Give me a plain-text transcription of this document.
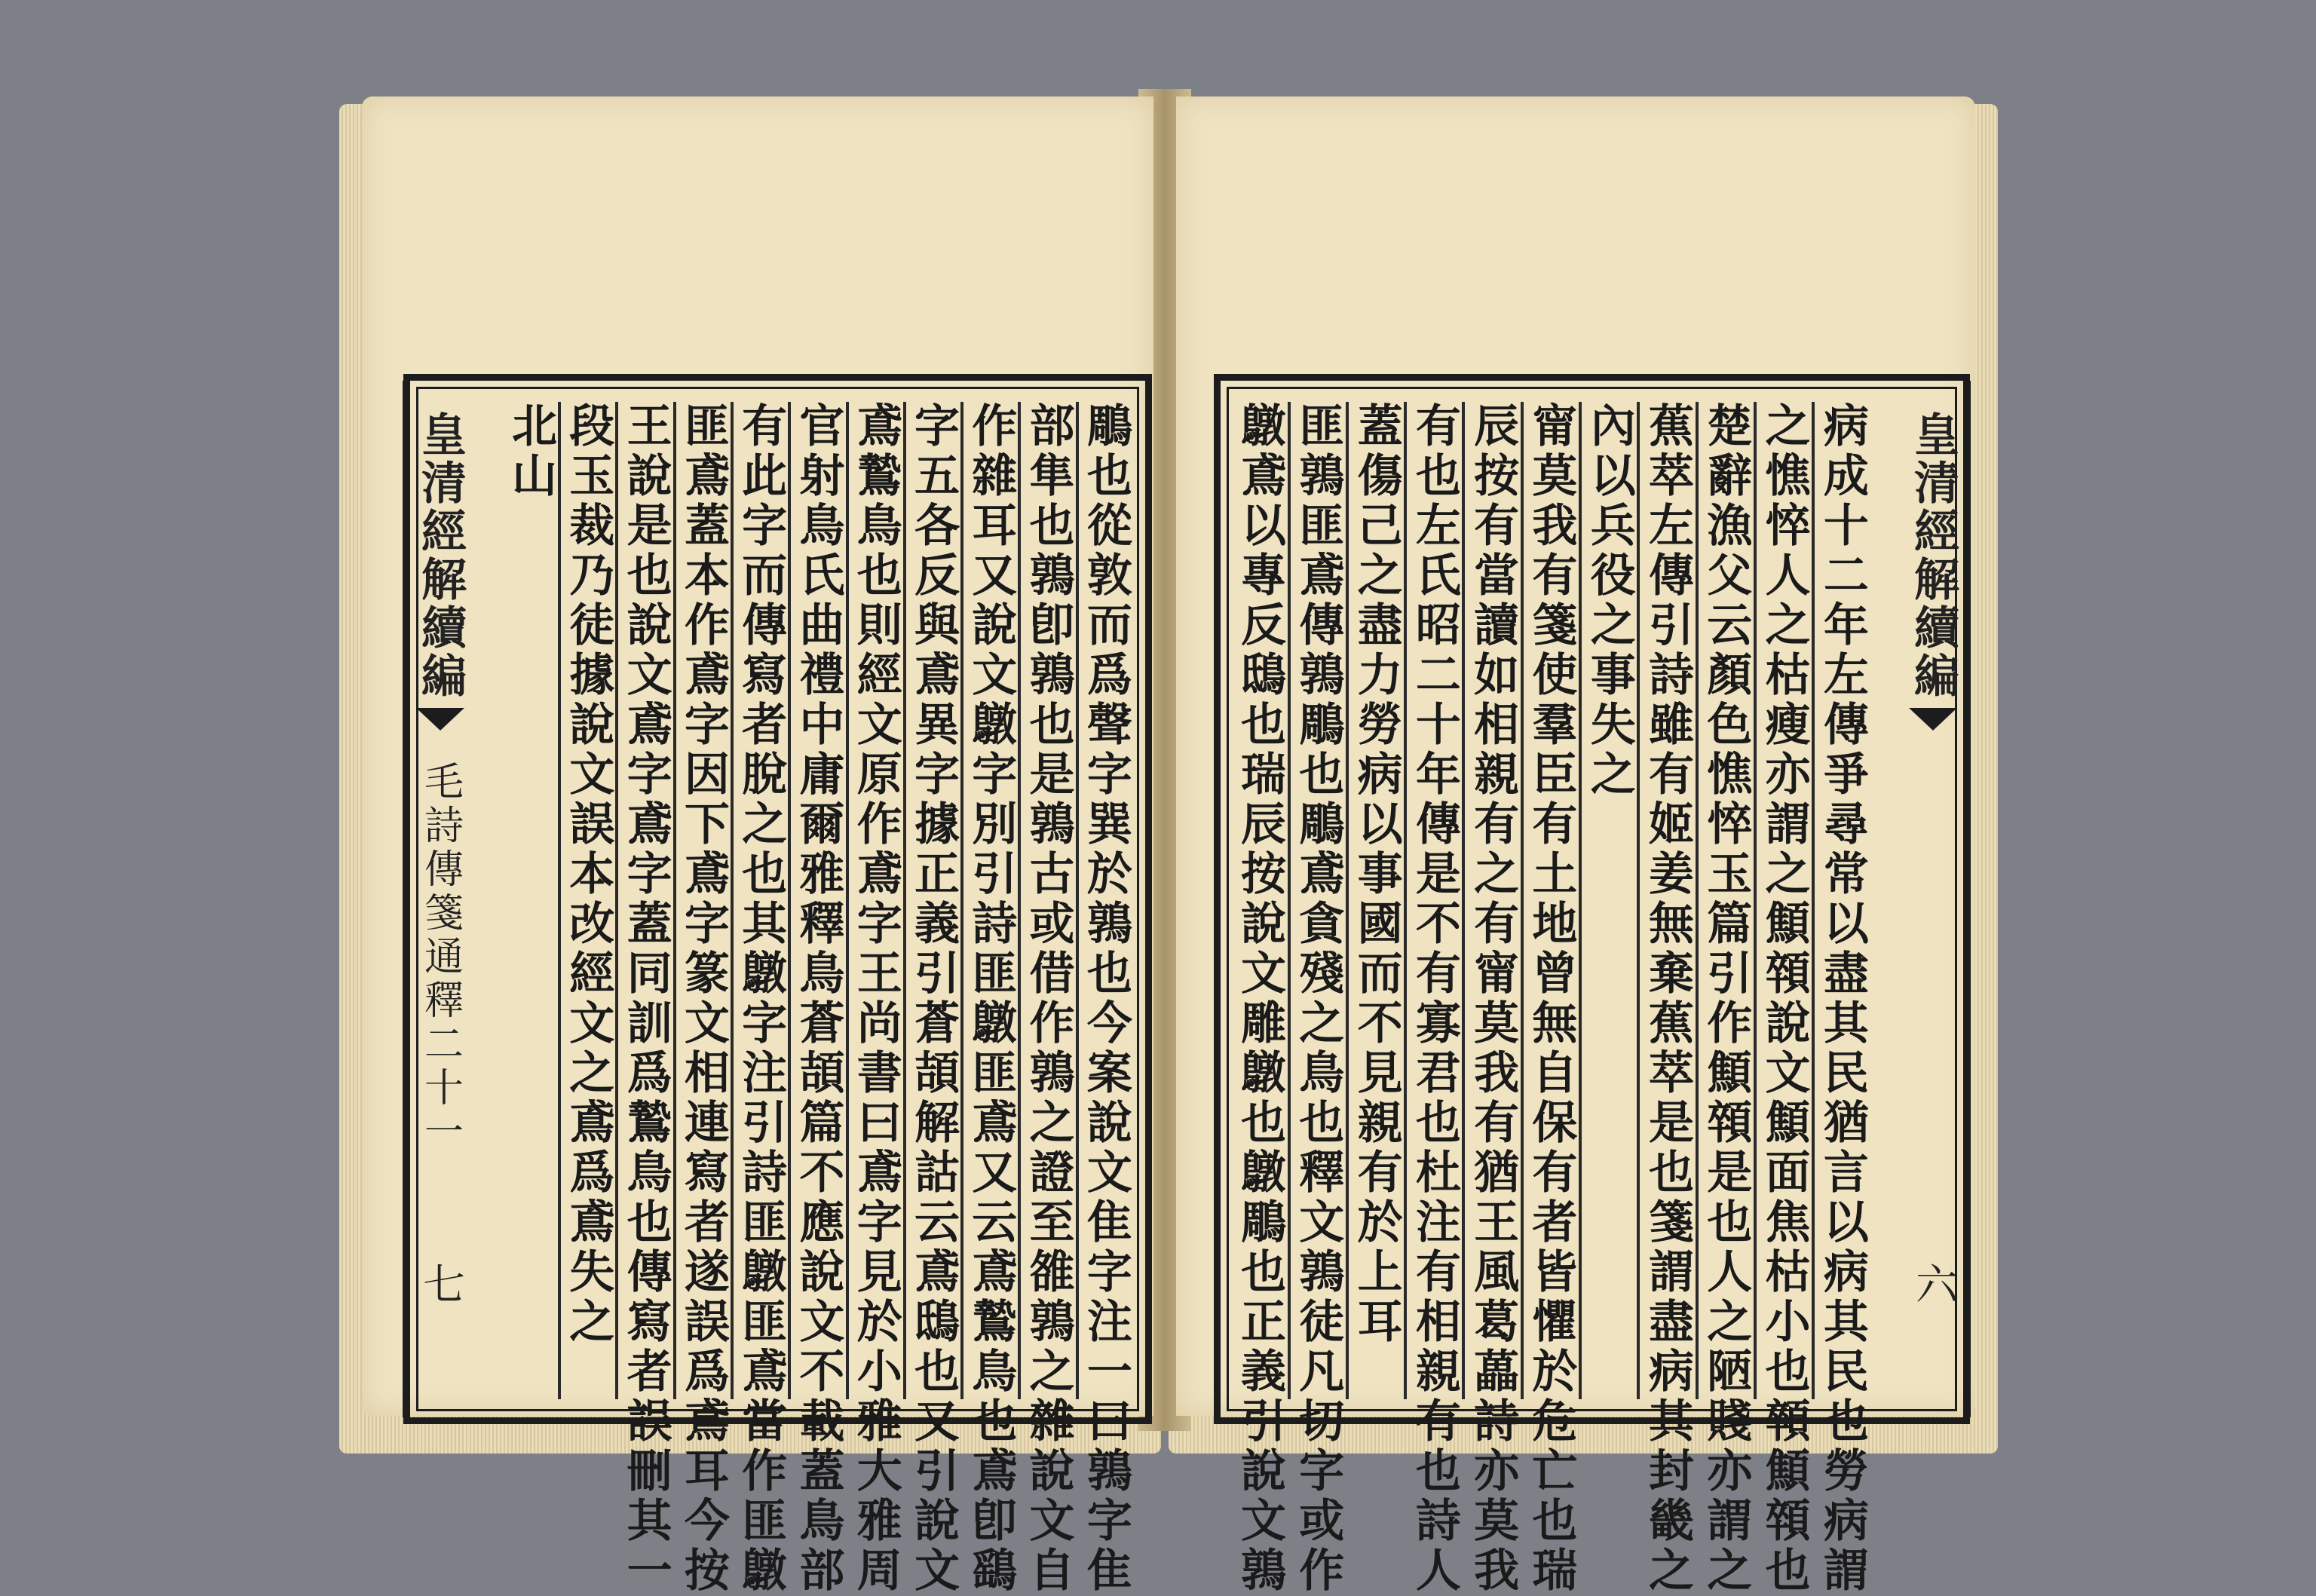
皇清經解續編
毛詩傳箋通釋二十一
七	鵰也從敦而爲聲字巽於鶉也今案說文隹字注一曰鶉字隹
部隼也鶉卽鶉也是鶉古或借作鶉之證至雒鶉之雜說文自
作雜耳又說文鷻字別引詩匪鷻匪鳶又云鳶鷙鳥也鳶卽鷂
字五各反與鳶異字據正義引蒼頡解詁云鳶鴟也又引說文
鳶鷙鳥也則經文原作鳶字王尚書曰鳶字見於小雅大雅周
官射鳥氏曲禮中庸爾雅釋鳥蒼頡篇不應說文不載蓋鳥部
有此字而傳寫者脫之也其鷻字注引詩匪鷻匪鳶當作匪鷻
匪鳶蓋本作鳶字因下鳶字篆文相連寫者遂誤爲鳶耳今按
王說是也說文鳶字鳶字蓋同訓爲鷙鳥也傳寫者誤刪其一
段玉裁乃徒據說文誤本改經文之鳶爲鳶失之
北山	皇清經解續編
六
病成十二年左傳爭尋常以盡其民猶言以病其民也勞病謂
之憔悴人之枯瘦亦謂之顦顇說文顦面焦枯小也顇顦顇也
楚辭漁父云顏色憔悴玉篇引作顦顇是也人之陋賤亦謂之
蕉萃左傳引詩雖有姬姜無棄蕉萃是也箋謂盡病其封畿之
內以兵役之事失之
甯莫我有箋使羣臣有土地曾無自保有者皆懼於危亡也瑞
辰按有當讀如相親有之有甯莫我有猶王風葛藟詩亦莫我
有也左氏昭二十年傳是不有寡君也杜注有相親有也詩人
蓋傷己之盡力勞病以事國而不見親有於上耳
匪鶉匪鳶傳鶉鵰也鵰鳶貪殘之鳥也釋文鶉徒凡切字或作
鷻鳶以專反鴟也瑞辰按說文雕鷻也鷻鵰也正義引說文鶉
